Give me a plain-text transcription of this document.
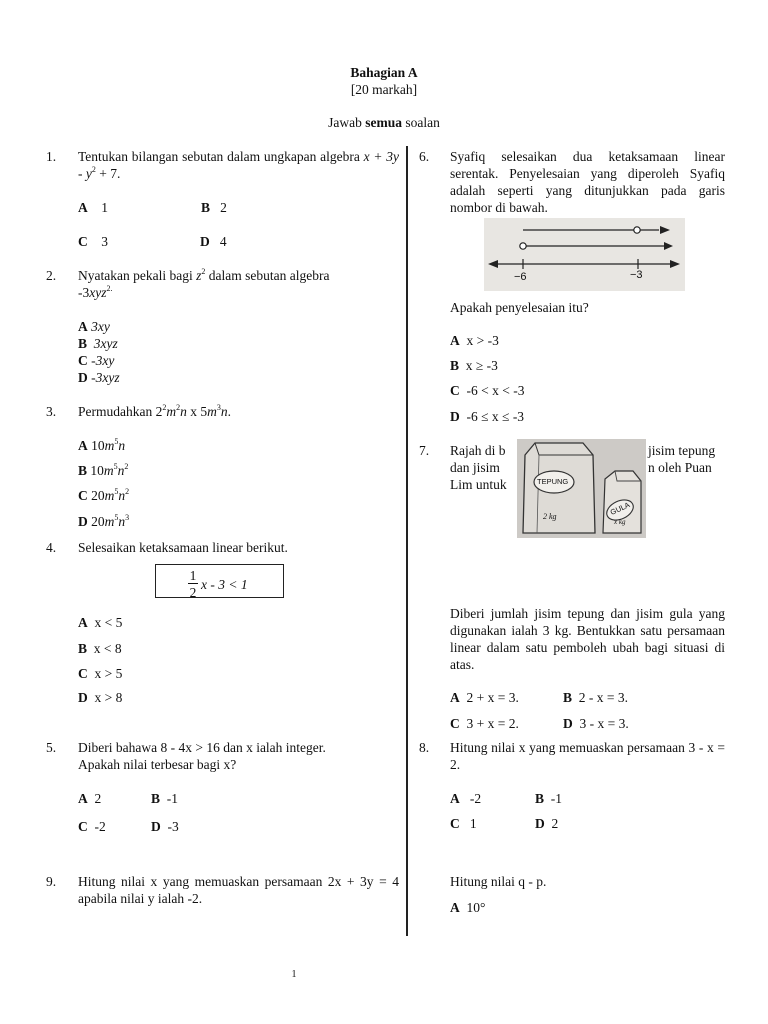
Bahagian A
[20 markah]
Jawab semua soalan
1. Tentukan bilangan sebutan dalam ungkapan algebra $x + 3y - y^2 + 7$.
A 1	B 2
C 3	D 4
2. Nyatakan pekali bagi $z^2$ dalam sebutan algebra
-3xyz$^{2.}$
A 3xy
B 3xyz
C -3xy
D -3xyz
3. Permudahkan $2^2m^2n$ x $5m^3n$.
A $10m^5n$
B $10m^5n^2$
C $20m^5n^2$
D $20m^5n^3$
4. Selesaikan ketaksamaan linear berikut.
1
2
x - 3 < 1
A x < 5
B x < 8
C x > 5
D x > 8
5. Diberi bahawa 8 - 4x > 16 dan x ialah integer.
Apakah nilai terbesar bagi x?
A 2	B -1
C -2	D -3
9. Hitung nilai x yang memuaskan persamaan 2x + 3y = 4 apabila nilai y ialah -2.
6. Syafiq selesaikan dua ketaksamaan linear serentak. Penyelesaian yang diperoleh Syafiq adalah seperti yang ditunjukkan pada garis nombor di bawah.
−6	−3
Apakah penyelesaian itu?
A x > -3
B x ≥ -3
C -6 < x < -3
D -6 ≤ x ≤ -3
7. Rajah di b	jisim tepung
dan jisim	n oleh Puan
Lim untuk	TEPUNG
2 kg	GULA
x kg
Diberi jumlah jisim tepung dan jisim gula yang digunakan ialah 3 kg. Bentukkan satu persamaan linear dalam satu pemboleh ubah bagi situasi di atas.
A 2 + x = 3.	B 2 - x = 3.
C 3 + x = 2.	D 3 - x = 3.
8. Hitung nilai x yang memuaskan persamaan 3 - x = 2.
A -2	B -1
C 1	D 2
Hitung nilai q - p.
A 10°
1
